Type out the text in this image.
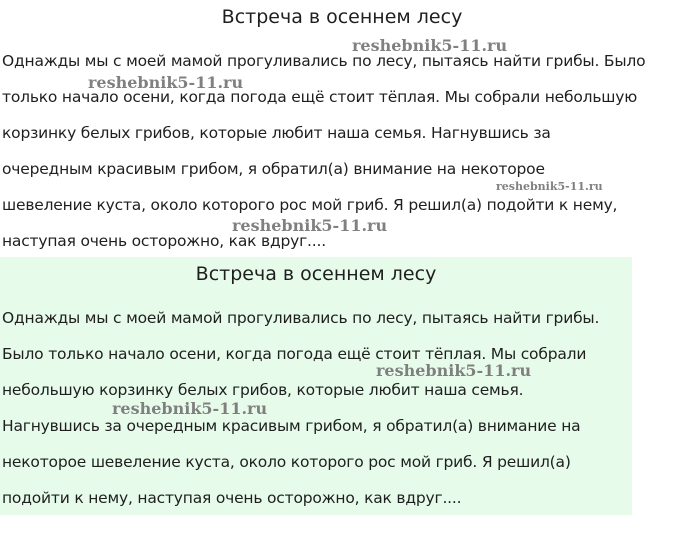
Встреча в осеннем лесу
Однажды мы с моей мамой прогуливались по лесу, пытаясь найти грибы. Было
только начало осени, когда погода ещё стоит тёплая. Мы собрали небольшую
корзинку белых грибов, которые любит наша семья. Нагнувшись за
очередным красивым грибом, я обратил(а) внимание на некоторое
шевеление куста, около которого рос мой гриб. Я решил(а) подойти к нему,
наступая очень осторожно, как вдруг....
Встреча в осеннем лесу
Однажды мы с моей мамой прогуливались по лесу, пытаясь найти грибы.
Было только начало осени, когда погода ещё стоит тёплая. Мы собрали
небольшую корзинку белых грибов, которые любит наша семья.
Нагнувшись за очередным красивым грибом, я обратил(а) внимание на
некоторое шевеление куста, около которого рос мой гриб. Я решил(а)
подойти к нему, наступая очень осторожно, как вдруг....
reshebnik5-11.ru
reshebnik5-11.ru
reshebnik5-11.ru
reshebnik5-11.ru
reshebnik5-11.ru
reshebnik5-11.ru
